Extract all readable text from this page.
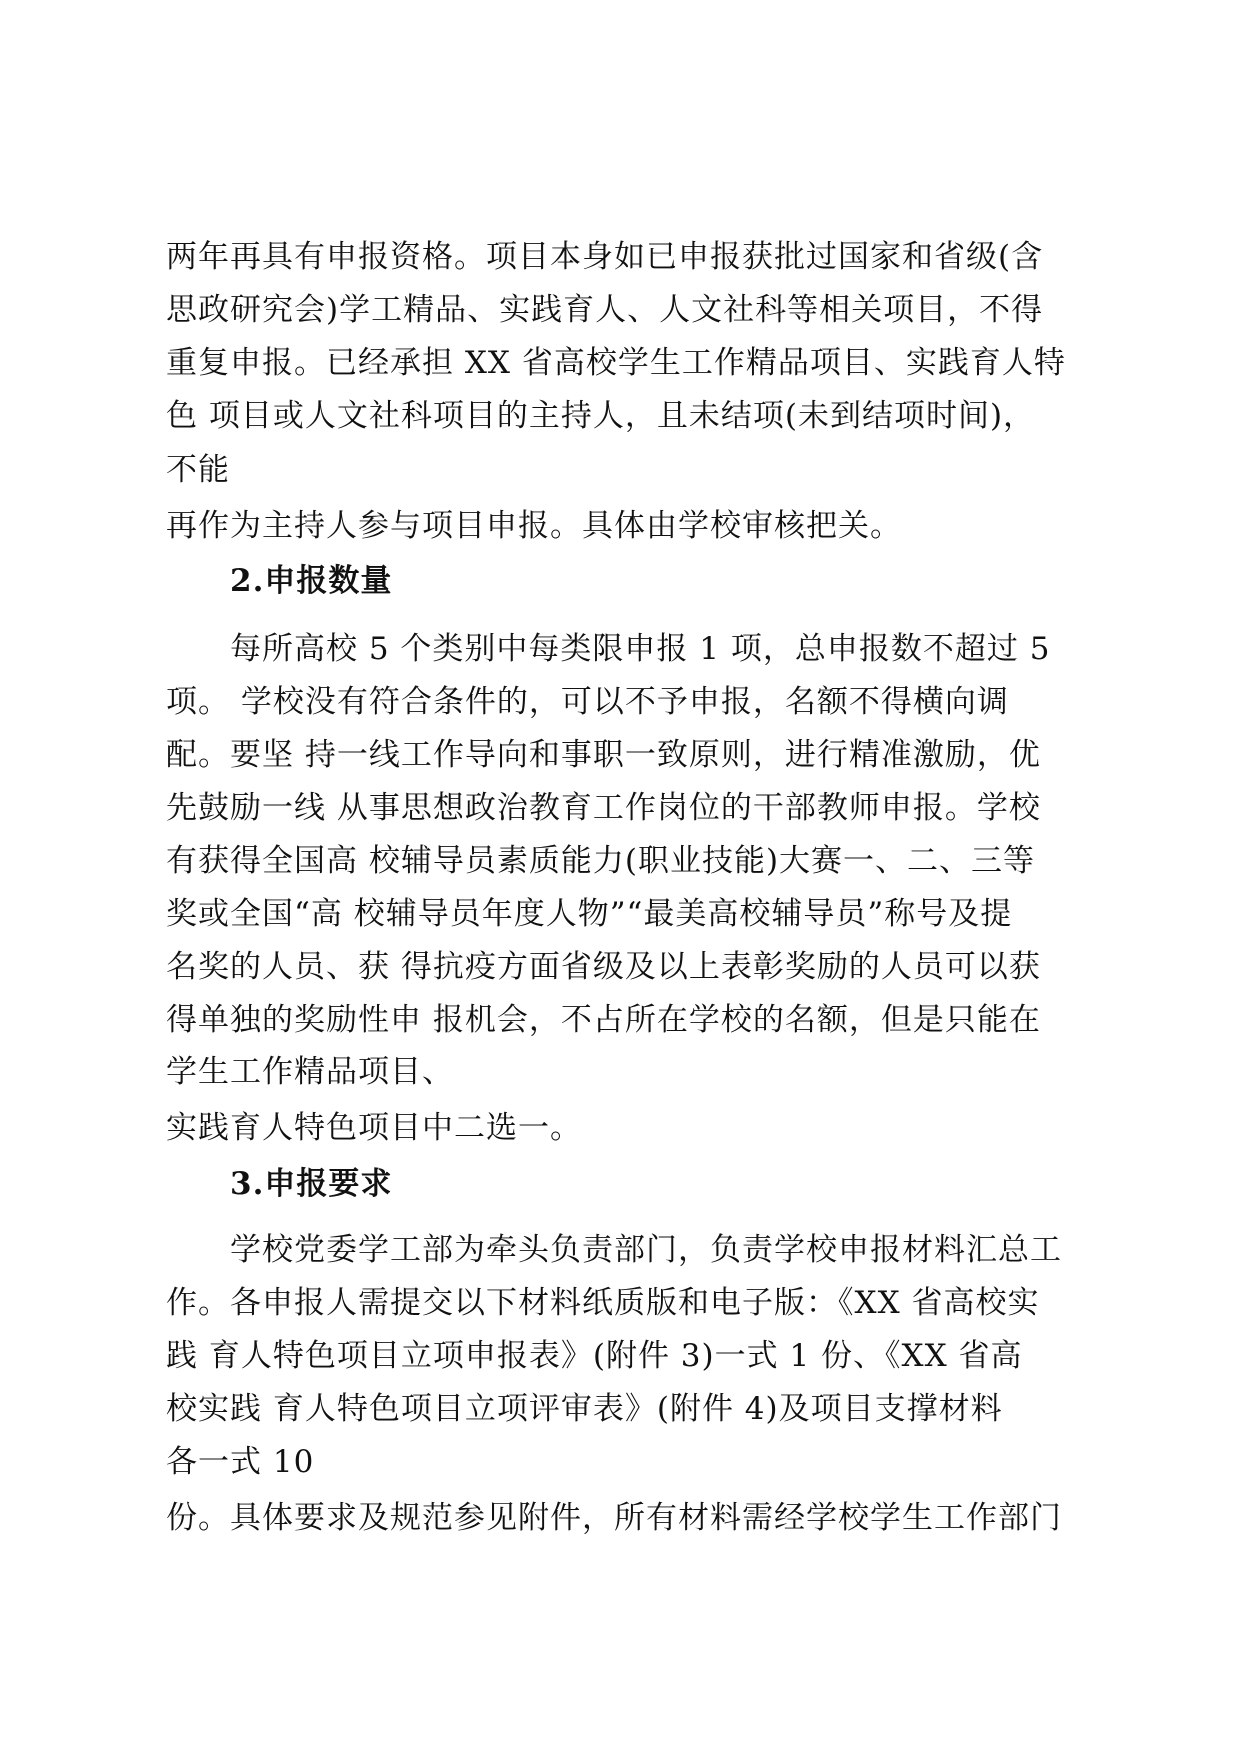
两年再具有申报资格。项目本身如已申报获批过国家和省级(含
思政研究会)学工精品、实践育人、人文社科等相关项目，不得
重复申报。已经承担 XX 省高校学生工作精品项目、实践育人特
色 项目或人文社科项目的主持人，且未结项(未到结项时间)，
不能
再作为主持人参与项目申报。具体由学校审核把关。
2.申报数量
每所高校 5 个类别中每类限申报 1 项，总申报数不超过 5
项。 学校没有符合条件的，可以不予申报，名额不得横向调
配。要坚 持一线工作导向和事职一致原则，进行精准激励，优
先鼓励一线 从事思想政治教育工作岗位的干部教师申报。学校
有获得全国高 校辅导员素质能力(职业技能)大赛一、二、三等
奖或全国“高 校辅导员年度人物”“最美高校辅导员”称号及提
名奖的人员、获 得抗疫方面省级及以上表彰奖励的人员可以获
得单独的奖励性申 报机会，不占所在学校的名额，但是只能在
学生工作精品项目、
实践育人特色项目中二选一。
3.申报要求
学校党委学工部为牵头负责部门，负责学校申报材料汇总工
作。各申报人需提交以下材料纸质版和电子版：《XX 省高校实
践 育人特色项目立项申报表》(附件 3)一式 1 份、《XX 省高
校实践 育人特色项目立项评审表》(附件 4)及项目支撑材料
各一式 10
份。具体要求及规范参见附件，所有材料需经学校学生工作部门
